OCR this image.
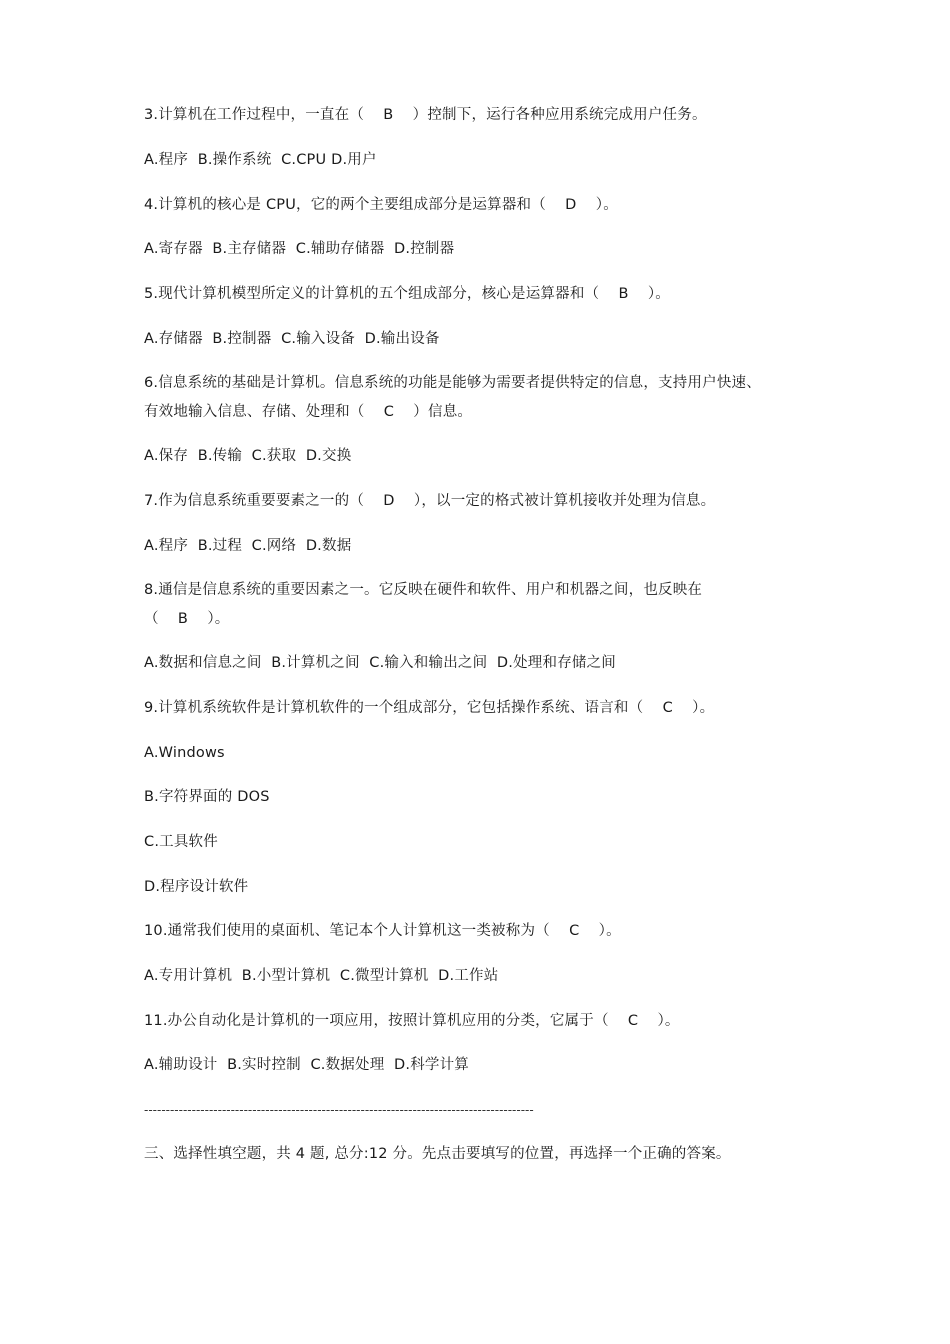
3.计算机在工作过程中，一直在（    B    ）控制下，运行各种应用系统完成用户任务。
A.程序  B.操作系统  C.CPU D.用户
4.计算机的核心是 CPU，它的两个主要组成部分是运算器和（    D    ）。
A.寄存器  B.主存储器  C.辅助存储器  D.控制器
5.现代计算机模型所定义的计算机的五个组成部分，核心是运算器和（    B    ）。
A.存储器  B.控制器  C.输入设备  D.输出设备
6.信息系统的基础是计算机。信息系统的功能是能够为需要者提供特定的信息，支持用户快速、
有效地输入信息、存储、处理和（    C    ）信息。
A.保存  B.传输  C.获取  D.交换
7.作为信息系统重要要素之一的（    D    ），以一定的格式被计算机接收并处理为信息。
A.程序  B.过程  C.网络  D.数据
8.通信是信息系统的重要因素之一。它反映在硬件和软件、用户和机器之间，也反映在
（    B    ）。
A.数据和信息之间  B.计算机之间  C.输入和输出之间  D.处理和存储之间
9.计算机系统软件是计算机软件的一个组成部分，它包括操作系统、语言和（    C    ）。
A.Windows
B.字符界面的 DOS
C.工具软件
D.程序设计软件
10.通常我们使用的桌面机、笔记本个人计算机这一类被称为（    C    ）。
A.专用计算机  B.小型计算机  C.微型计算机  D.工作站
11.办公自动化是计算机的一项应用，按照计算机应用的分类，它属于（    C    ）。
A.辅助设计  B.实时控制  C.数据处理  D.科学计算
------------------------------------------------------------------------------------------
三、选择性填空题，共 4 题, 总分:12 分。先点击要填写的位置，再选择一个正确的答案。
